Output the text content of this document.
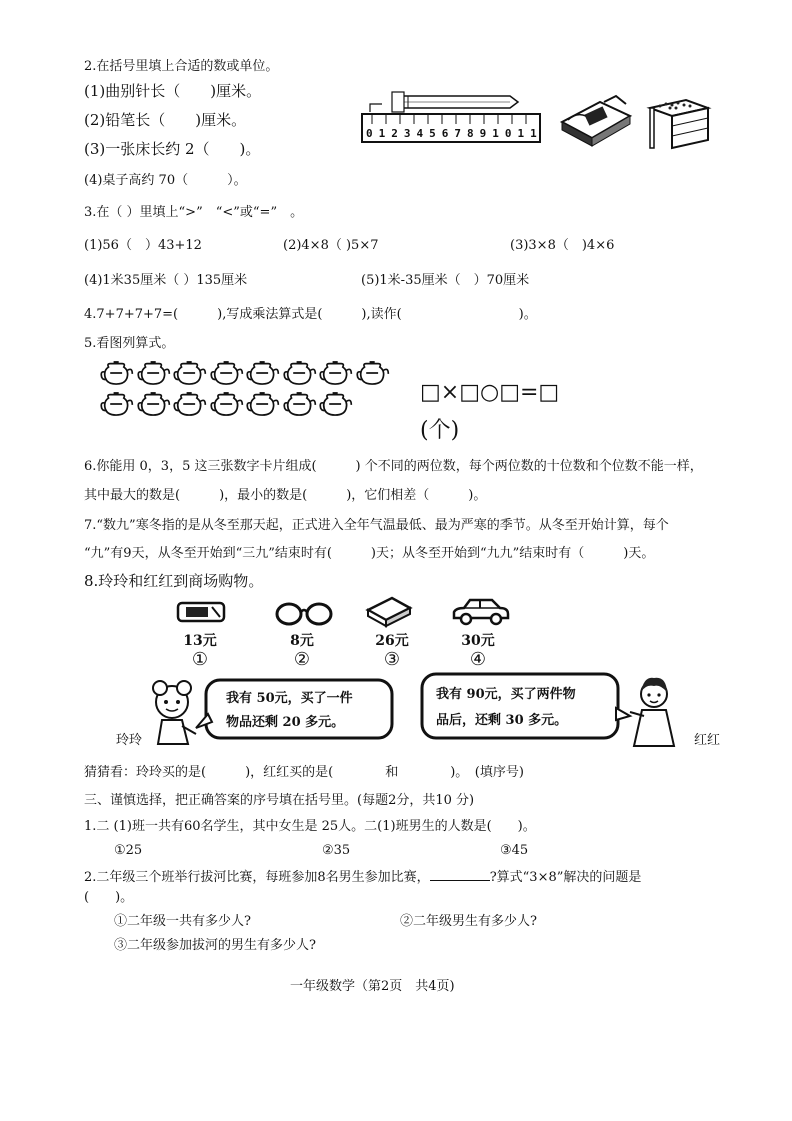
2.在括号里填上合适的数或单位。
(1)曲别针长（　　)厘米。
(2)铅笔长（　　)厘米。
(3)一张床长约 2（　　)。
(4)桌子高约 70（　　　）。
01234567891011
3.在（ ）里填上“>”　“<”或“=”　。
(1)56（　）43+12	(2)4×8（ )5×7	(3)3×8（　)4×6
(4)1米35厘米（ ）135厘米	(5)1米-35厘米（　）70厘米
4.7+7+7+7=(　　　),写成乘法算式是(　　　),读作(　　　　　　　　　)。
5.看图列算式。
□×□○□=□
(个)
6.你能用 0，3，5 这三张数字卡片组成(　　　) 个不同的两位数，每个两位数的十位数和个位数不能一样，
其中最大的数是(　　　)，最小的数是(　　　)，它们相差（　　　)。
7.“数九”寒冬指的是从冬至那天起，正式进入全年气温最低、最为严寒的季节。从冬至开始计算，每个
“九”有9天，从冬至开始到“三九”结束时有(　　　)天；从冬至开始到“九九”结束时有（　　　)天。
8.玲玲和红红到商场购物。
13元	8元	26元	30元
①	②	③	④
我有 50元，买了一件
物品还剩 20 多元。
我有 90元，买了两件物
品后，还剩 30 多元。
玲玲	红红
猜猜看：玲玲买的是(　　　)，红红买的是(　　　　和　　　　)。　(填序号)
三、谨慎选择，把正确答案的序号填在括号里。(每题2分，共10 分)
1.二 (1)班一共有60名学生，其中女生是 25人。二(1)班男生的人数是(　　)。
①25	②35	③45
2.二年级三个班举行拔河比赛，每班参加8名男生参加比赛，	?算式“3×8”解决的问题是
(　　)。
①二年级一共有多少人?	②二年级男生有多少人?
③二年级参加拔河的男生有多少人?
一年级数学（第2页　共4页)
